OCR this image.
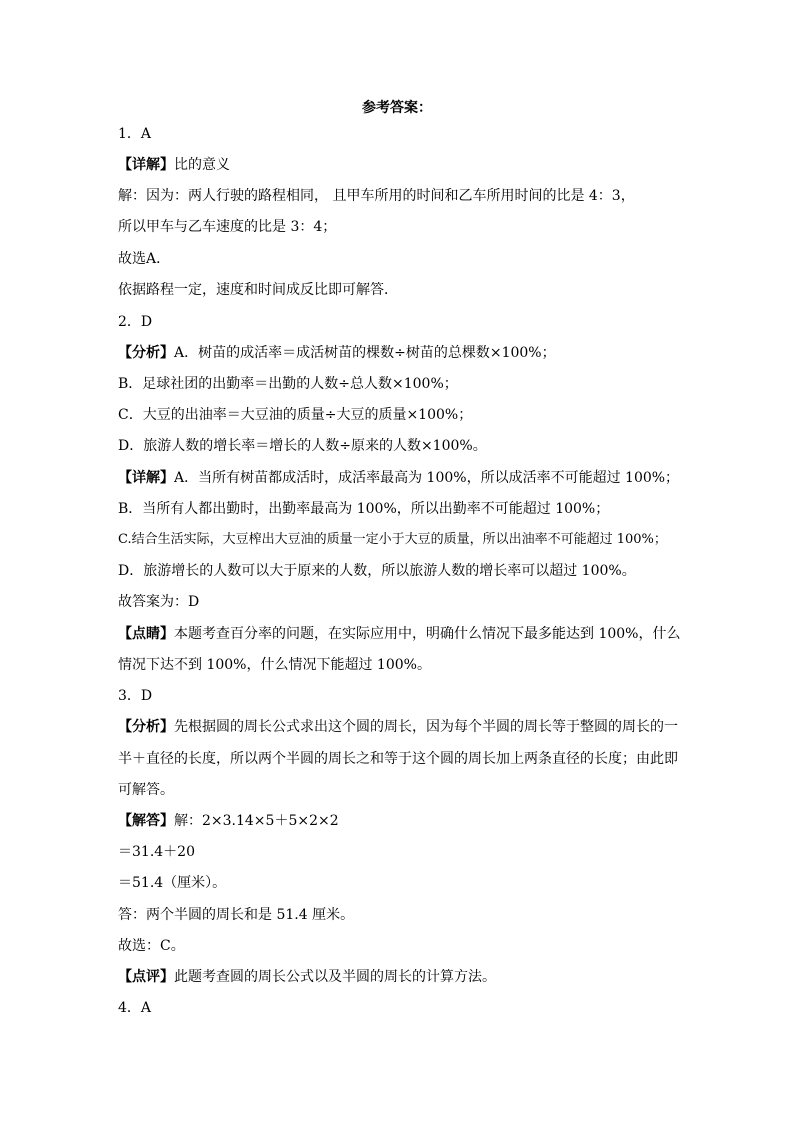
参考答案：
1．A
【详解】比的意义
解：因为：两人行驶的路程相同， 且甲车所用的时间和乙车所用时间的比是 4：3，
所以甲车与乙车速度的比是 3：4；
故选A．
依据路程一定，速度和时间成反比即可解答．
2．D
【分析】A．树苗的成活率＝成活树苗的棵数÷树苗的总棵数×100%；
B．足球社团的出勤率＝出勤的人数÷总人数×100%；
C．大豆的出油率＝大豆油的质量÷大豆的质量×100%；
D．旅游人数的增长率＝增长的人数÷原来的人数×100%。
【详解】A．当所有树苗都成活时，成活率最高为 100%，所以成活率不可能超过 100%；
B．当所有人都出勤时，出勤率最高为 100%，所以出勤率不可能超过 100%；
C.结合生活实际，大豆榨出大豆油的质量一定小于大豆的质量，所以出油率不可能超过 100%；
D．旅游增长的人数可以大于原来的人数，所以旅游人数的增长率可以超过 100%。
故答案为：D
【点睛】本题考查百分率的问题，在实际应用中，明确什么情况下最多能达到 100%，什么
情况下达不到 100%，什么情况下能超过 100%。
3．D
【分析】先根据圆的周长公式求出这个圆的周长，因为每个半圆的周长等于整圆的周长的一
半＋直径的长度，所以两个半圆的周长之和等于这个圆的周长加上两条直径的长度；由此即
可解答。
【解答】解：2×3.14×5＋5×2×2
＝31.4＋20
＝51.4（厘米）。
答：两个半圆的周长和是 51.4 厘米。
故选：C。
【点评】此题考查圆的周长公式以及半圆的周长的计算方法。
4．A
